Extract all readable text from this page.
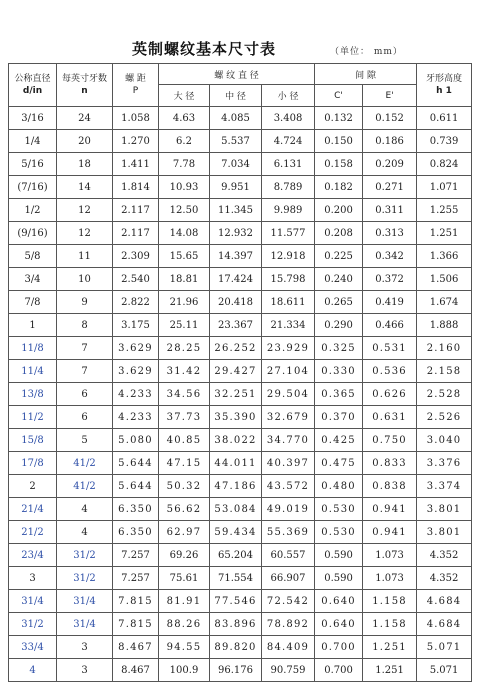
英制螺纹基本尺寸表	（单位： mm）
公称直径
d/in	每英寸牙数
n	螺 距
P	螺 纹 直 径			间 隙		牙形高度
h 1

			大 径	中 径	小 径	C'	E'	
3/16	24	1.058	4.63	4.085	3.408	0.132	0.152	0.611
1/4	20	1.270	6.2	5.537	4.724	0.150	0.186	0.739
5/16	18	1.411	7.78	7.034	6.131	0.158	0.209	0.824
(7/16)	14	1.814	10.93	9.951	8.789	0.182	0.271	1.071
1/2	12	2.117	12.50	11.345	9.989	0.200	0.311	1.255
(9/16)	12	2.117	14.08	12.932	11.577	0.208	0.313	1.251
5/8	11	2.309	15.65	14.397	12.918	0.225	0.342	1.366
3/4	10	2.540	18.81	17.424	15.798	0.240	0.372	1.506
7/8	9	2.822	21.96	20.418	18.611	0.265	0.419	1.674
1	8	3.175	25.11	23.367	21.334	0.290	0.466	1.888
11/8	7	3.629	28.25	26.252	23.929	0.325	0.531	2.160
11/4	7	3.629	31.42	29.427	27.104	0.330	0.536	2.158
13/8	6	4.233	34.56	32.251	29.504	0.365	0.626	2.528
11/2	6	4.233	37.73	35.390	32.679	0.370	0.631	2.526
15/8	5	5.080	40.85	38.022	34.770	0.425	0.750	3.040
17/8	41/2	5.644	47.15	44.011	40.397	0.475	0.833	3.376
2	41/2	5.644	50.32	47.186	43.572	0.480	0.838	3.374
21/4	4	6.350	56.62	53.084	49.019	0.530	0.941	3.801
21/2	4	6.350	62.97	59.434	55.369	0.530	0.941	3.801
23/4	31/2	7.257	69.26	65.204	60.557	0.590	1.073	4.352
3	31/2	7.257	75.61	71.554	66.907	0.590	1.073	4.352
31/4	31/4	7.815	81.91	77.546	72.542	0.640	1.158	4.684
31/2	31/4	7.815	88.26	83.896	78.892	0.640	1.158	4.684
33/4	3	8.467	94.55	89.820	84.409	0.700	1.251	5.071
4	3	8.467	100.9	96.176	90.759	0.700	1.251	5.071
